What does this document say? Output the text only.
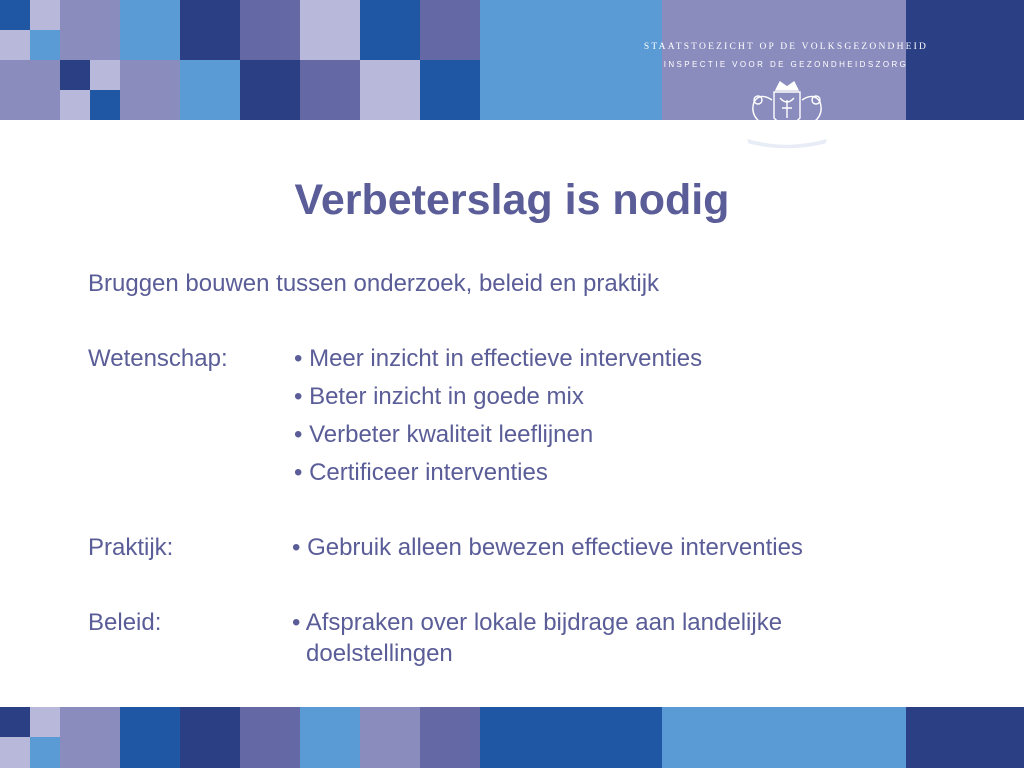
STAATSTOEZICHT OP DE VOLKSGEZONDHEID
INSPECTIE VOOR DE GEZONDHEIDSZORG
Verbeterslag is nodig
Bruggen bouwen tussen onderzoek, beleid en praktijk
Wetenschap:	• Meer inzicht in effectieve interventies
• Beter inzicht in goede mix
• Verbeter kwaliteit leeflijnen
• Certificeer interventies
Praktijk:	• Gebruik alleen bewezen effectieve interventies
Beleid:	• Afspraken over lokale bijdrage aan landelijke
doelstellingen
